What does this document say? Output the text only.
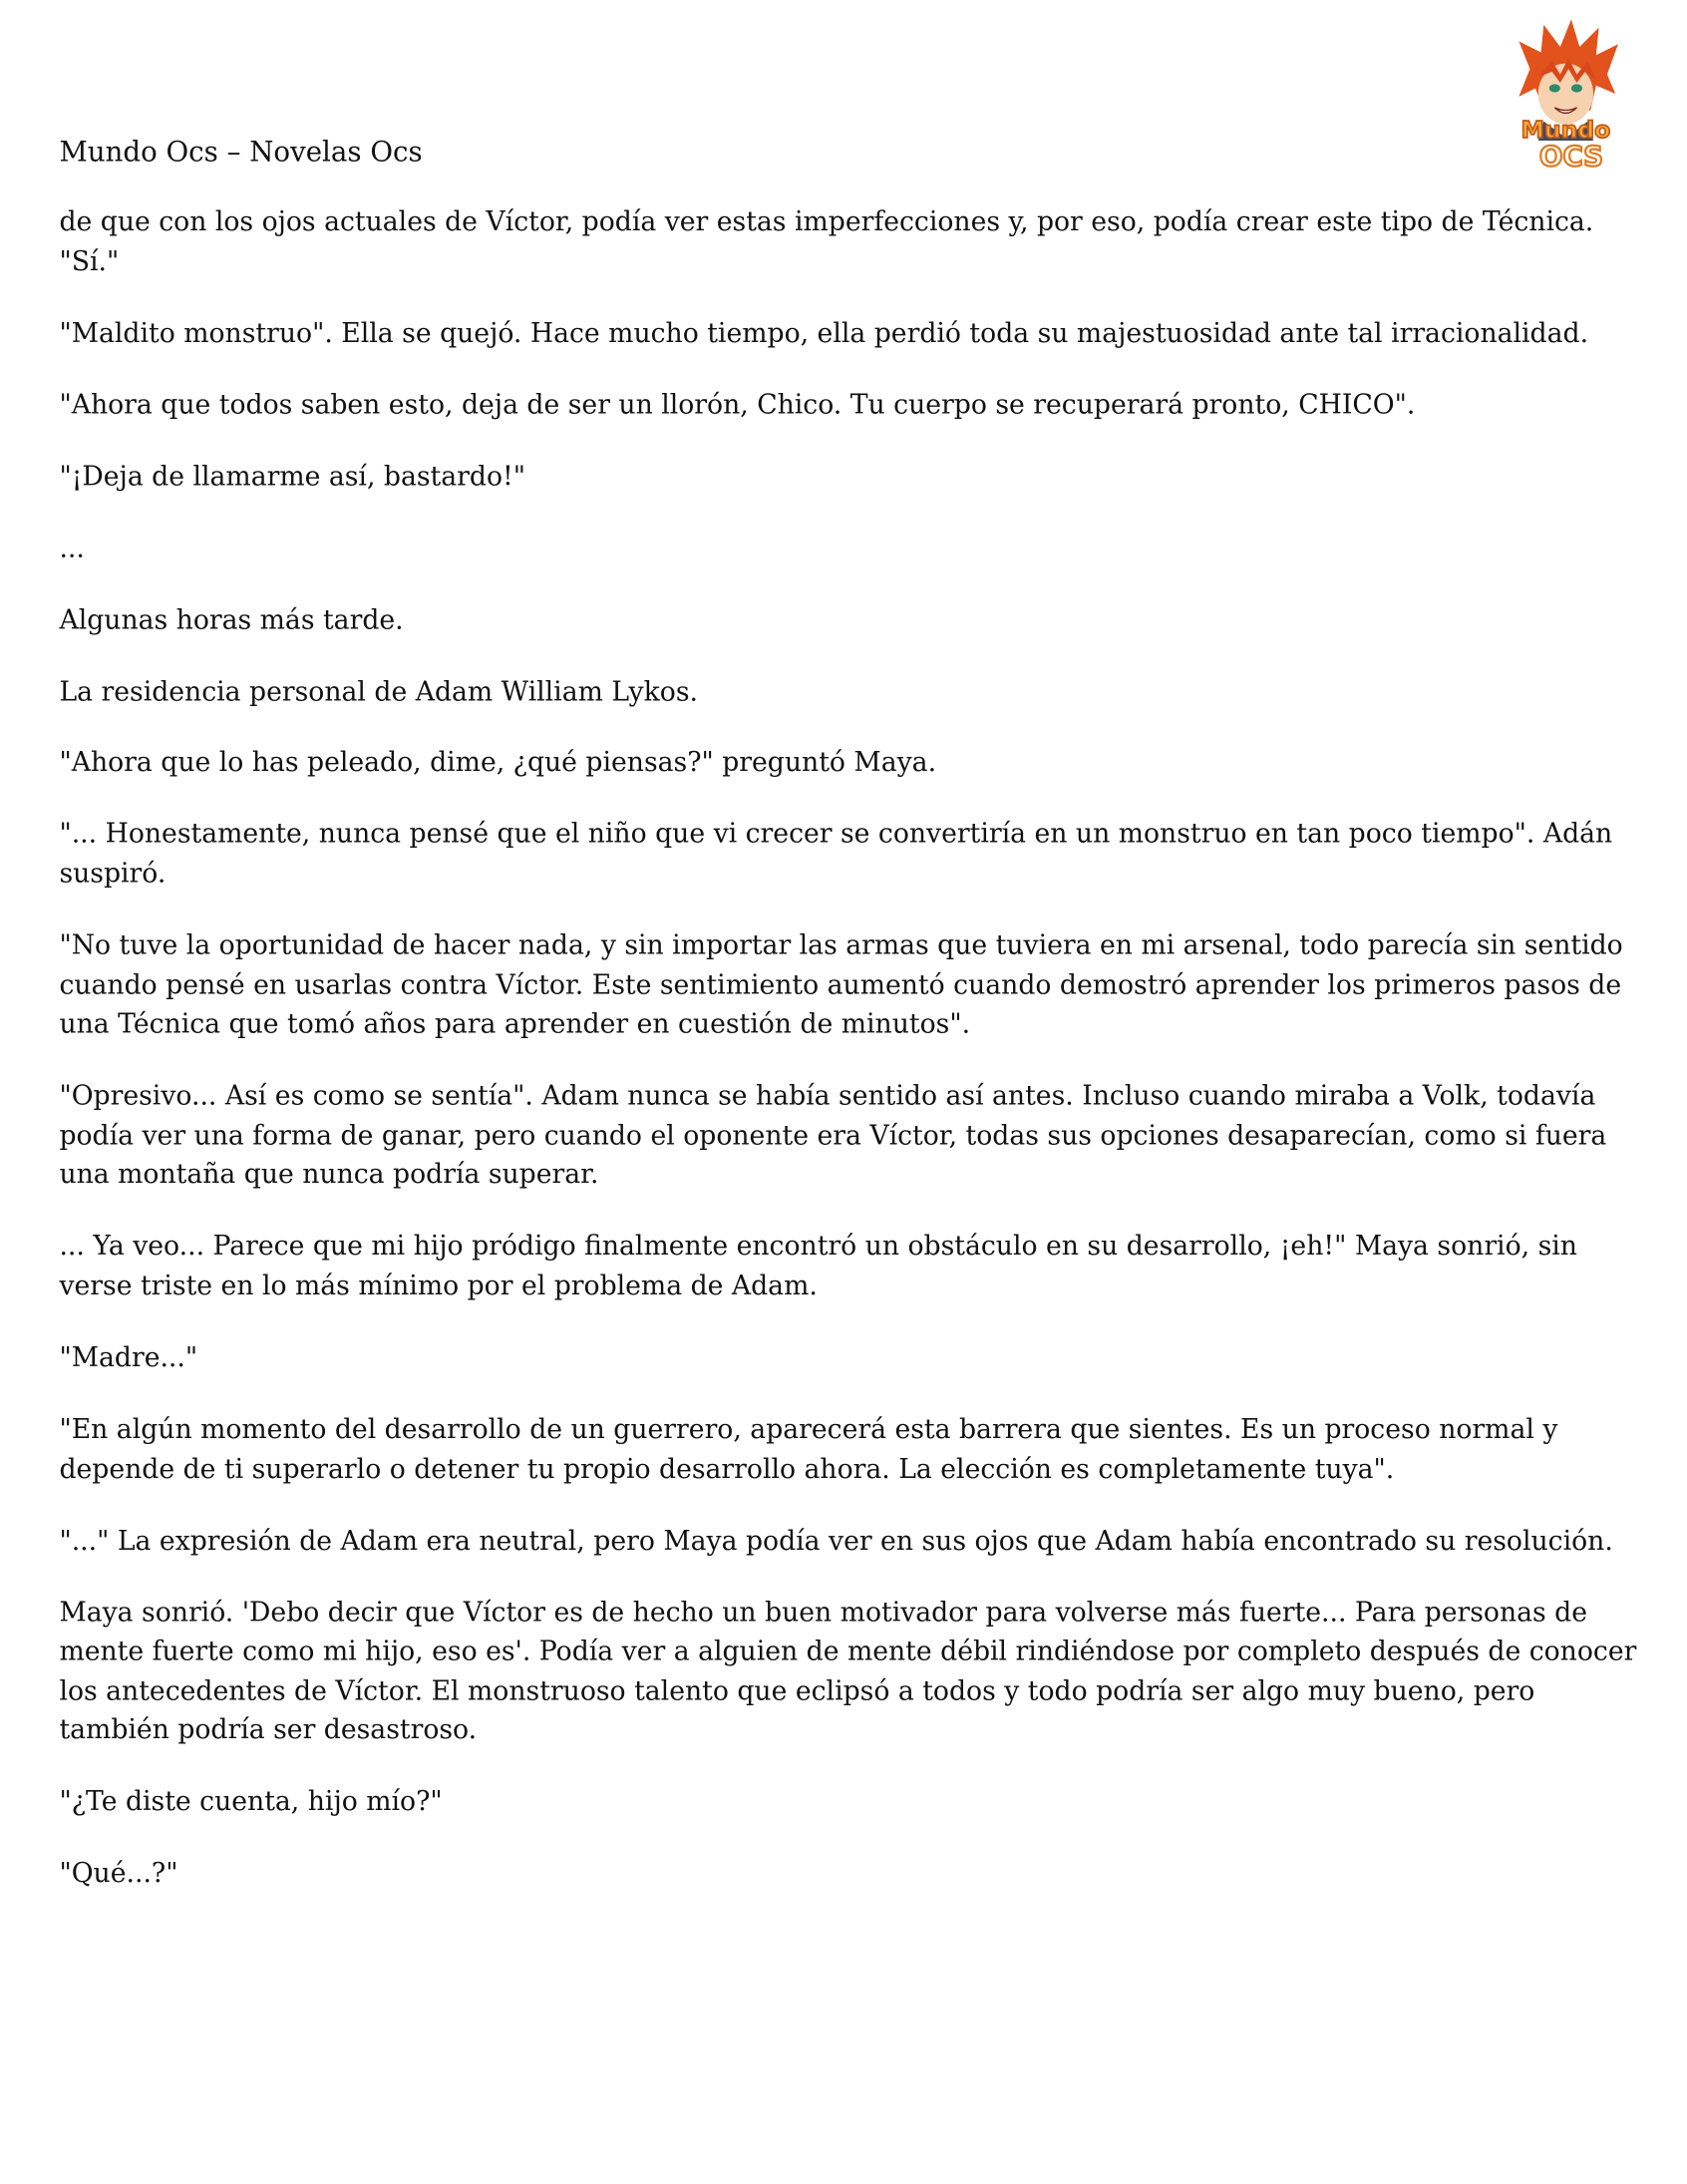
Mundo Ocs – Novelas Ocs
Mundo
OCS

de que con los ojos actuales de Víctor, podía ver estas imperfecciones y, por eso, podía crear este tipo de Técnica. "Sí."

"Maldito monstruo". Ella se quejó. Hace mucho tiempo, ella perdió toda su majestuosidad ante tal irracionalidad.

"Ahora que todos saben esto, deja de ser un llorón, Chico. Tu cuerpo se recuperará pronto, CHICO".

"¡Deja de llamarme así, bastardo!"

...

Algunas horas más tarde.

La residencia personal de Adam William Lykos.

"Ahora que lo has peleado, dime, ¿qué piensas?" preguntó Maya.

"... Honestamente, nunca pensé que el niño que vi crecer se convertiría en un monstruo en tan poco tiempo". Adán suspiró.

"No tuve la oportunidad de hacer nada, y sin importar las armas que tuviera en mi arsenal, todo parecía sin sentido cuando pensé en usarlas contra Víctor. Este sentimiento aumentó cuando demostró aprender los primeros pasos de una Técnica que tomó años para aprender en cuestión de minutos".

"Opresivo... Así es como se sentía". Adam nunca se había sentido así antes. Incluso cuando miraba a Volk, todavía podía ver una forma de ganar, pero cuando el oponente era Víctor, todas sus opciones desaparecían, como si fuera una montaña que nunca podría superar.

... Ya veo... Parece que mi hijo pródigo finalmente encontró un obstáculo en su desarrollo, ¡eh!" Maya sonrió, sin verse triste en lo más mínimo por el problema de Adam.

"Madre..."

"En algún momento del desarrollo de un guerrero, aparecerá esta barrera que sientes. Es un proceso normal y depende de ti superarlo o detener tu propio desarrollo ahora. La elección es completamente tuya".

"..." La expresión de Adam era neutral, pero Maya podía ver en sus ojos que Adam había encontrado su resolución.

Maya sonrió. 'Debo decir que Víctor es de hecho un buen motivador para volverse más fuerte... Para personas de mente fuerte como mi hijo, eso es'. Podía ver a alguien de mente débil rindiéndose por completo después de conocer los antecedentes de Víctor. El monstruoso talento que eclipsó a todos y todo podría ser algo muy bueno, pero también podría ser desastroso.

"¿Te diste cuenta, hijo mío?"

"Qué...?"
